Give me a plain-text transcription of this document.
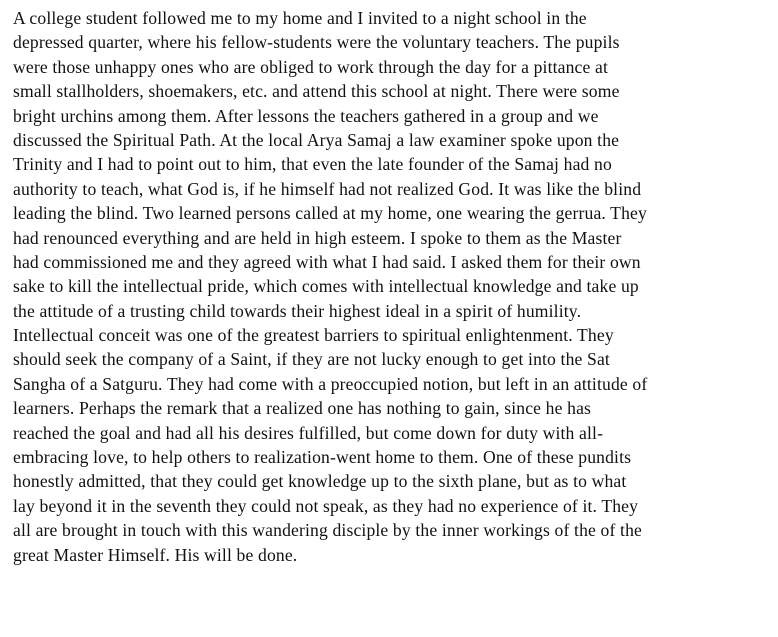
A college student followed me to my home and I invited to a night school in the
depressed quarter, where his fellow-students were the voluntary teachers. The pupils
were those unhappy ones who are obliged to work through the day for a pittance at
small stallholders, shoemakers, etc. and attend this school at night. There were some
bright urchins among them. After lessons the teachers gathered in a group and we
discussed the Spiritual Path. At the local Arya Samaj a law examiner spoke upon the
Trinity and I had to point out to him, that even the late founder of the Samaj had no
authority to teach, what God is, if he himself had not realized God. It was like the blind
leading the blind. Two learned persons called at my home, one wearing the gerrua. They
had renounced everything and are held in high esteem. I spoke to them as the Master
had commissioned me and they agreed with what I had said. I asked them for their own
sake to kill the intellectual pride, which comes with intellectual knowledge and take up
the attitude of a trusting child towards their highest ideal in a spirit of humility.
Intellectual conceit was one of the greatest barriers to spiritual enlightenment. They
should seek the company of a Saint, if they are not lucky enough to get into the Sat
Sangha of a Satguru. They had come with a preoccupied notion, but left in an attitude of
learners. Perhaps the remark that a realized one has nothing to gain, since he has
reached the goal and had all his desires fulfilled, but come down for duty with all-
embracing love, to help others to realization-went home to them. One of these pundits
honestly admitted, that they could get knowledge up to the sixth plane, but as to what
lay beyond it in the seventh they could not speak, as they had no experience of it. They
all are brought in touch with this wandering disciple by the inner workings of the of the
great Master Himself. His will be done.
